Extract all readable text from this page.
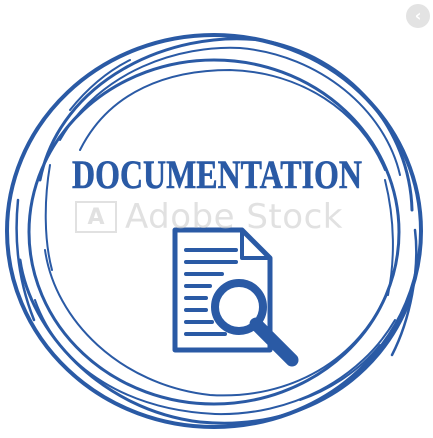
DOCUMENTATION
A Adobe Stock
‹
